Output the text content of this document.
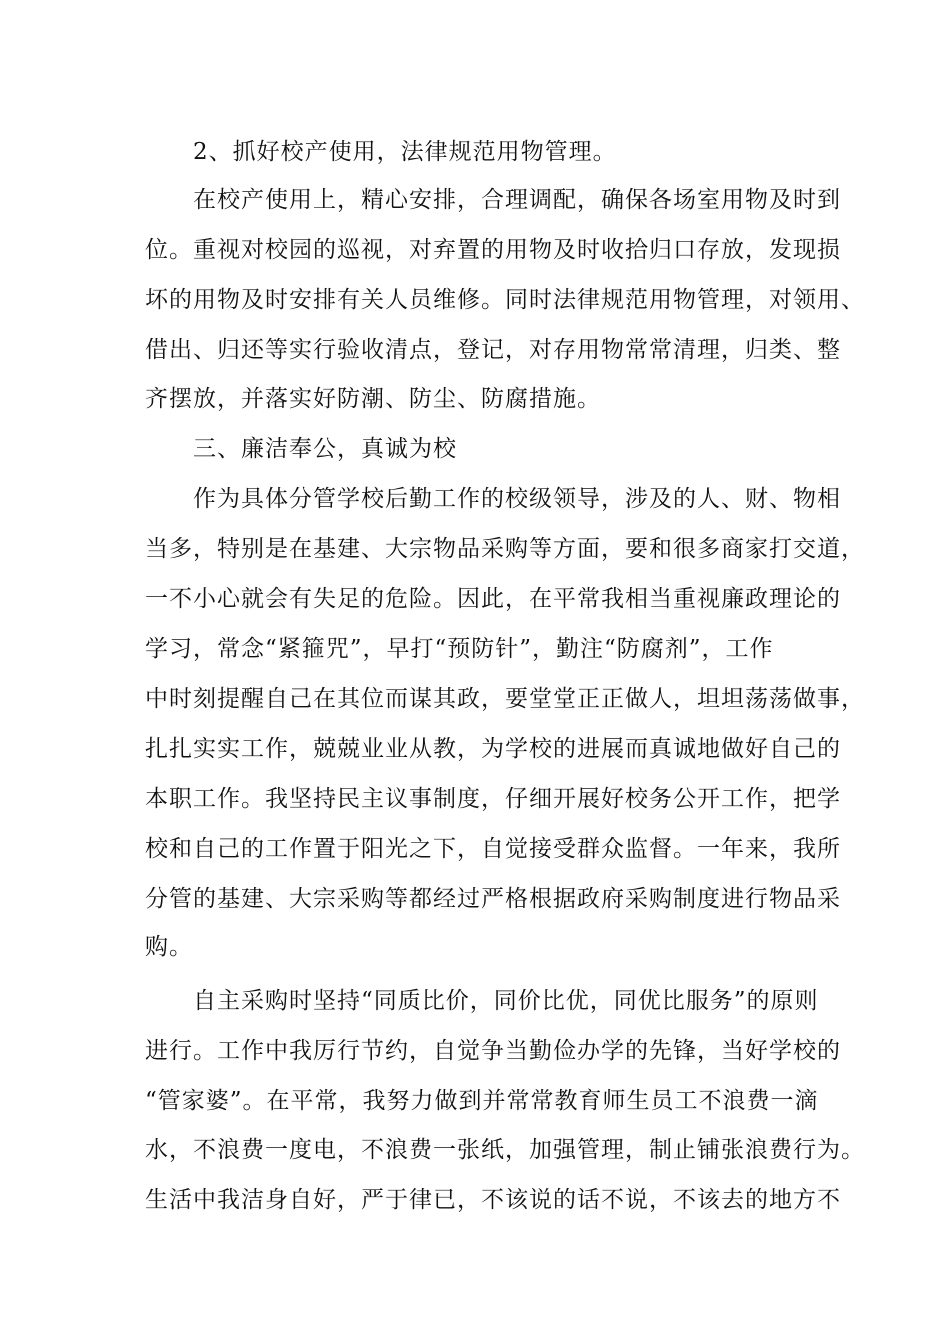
2、抓好校产使用，法律规范用物管理。
在校产使用上，精心安排，合理调配，确保各场室用物及时到
位。重视对校园的巡视，对弃置的用物及时收拾归口存放，发现损
坏的用物及时安排有关人员维修。同时法律规范用物管理，对领用、
借出、归还等实行验收清点，登记，对存用物常常清理，归类、整
齐摆放，并落实好防潮、防尘、防腐措施。
三、廉洁奉公，真诚为校
作为具体分管学校后勤工作的校级领导，涉及的人、财、物相
当多，特别是在基建、大宗物品采购等方面，要和很多商家打交道，
一不小心就会有失足的危险。因此，在平常我相当重视廉政理论的
学习，常念“紧箍咒”，早打“预防针”，勤注“防腐剂”，工作
中时刻提醒自己在其位而谋其政，要堂堂正正做人，坦坦荡荡做事，
扎扎实实工作，兢兢业业从教，为学校的进展而真诚地做好自己的
本职工作。我坚持民主议事制度，仔细开展好校务公开工作，把学
校和自己的工作置于阳光之下，自觉接受群众监督。一年来，我所
分管的基建、大宗采购等都经过严格根据政府采购制度进行物品采
购。
自主采购时坚持“同质比价，同价比优，同优比服务”的原则
进行。工作中我厉行节约，自觉争当勤俭办学的先锋，当好学校的
“管家婆”。在平常，我努力做到并常常教育师生员工不浪费一滴
水，不浪费一度电，不浪费一张纸，加强管理，制止铺张浪费行为。
生活中我洁身自好，严于律已，不该说的话不说，不该去的地方不
